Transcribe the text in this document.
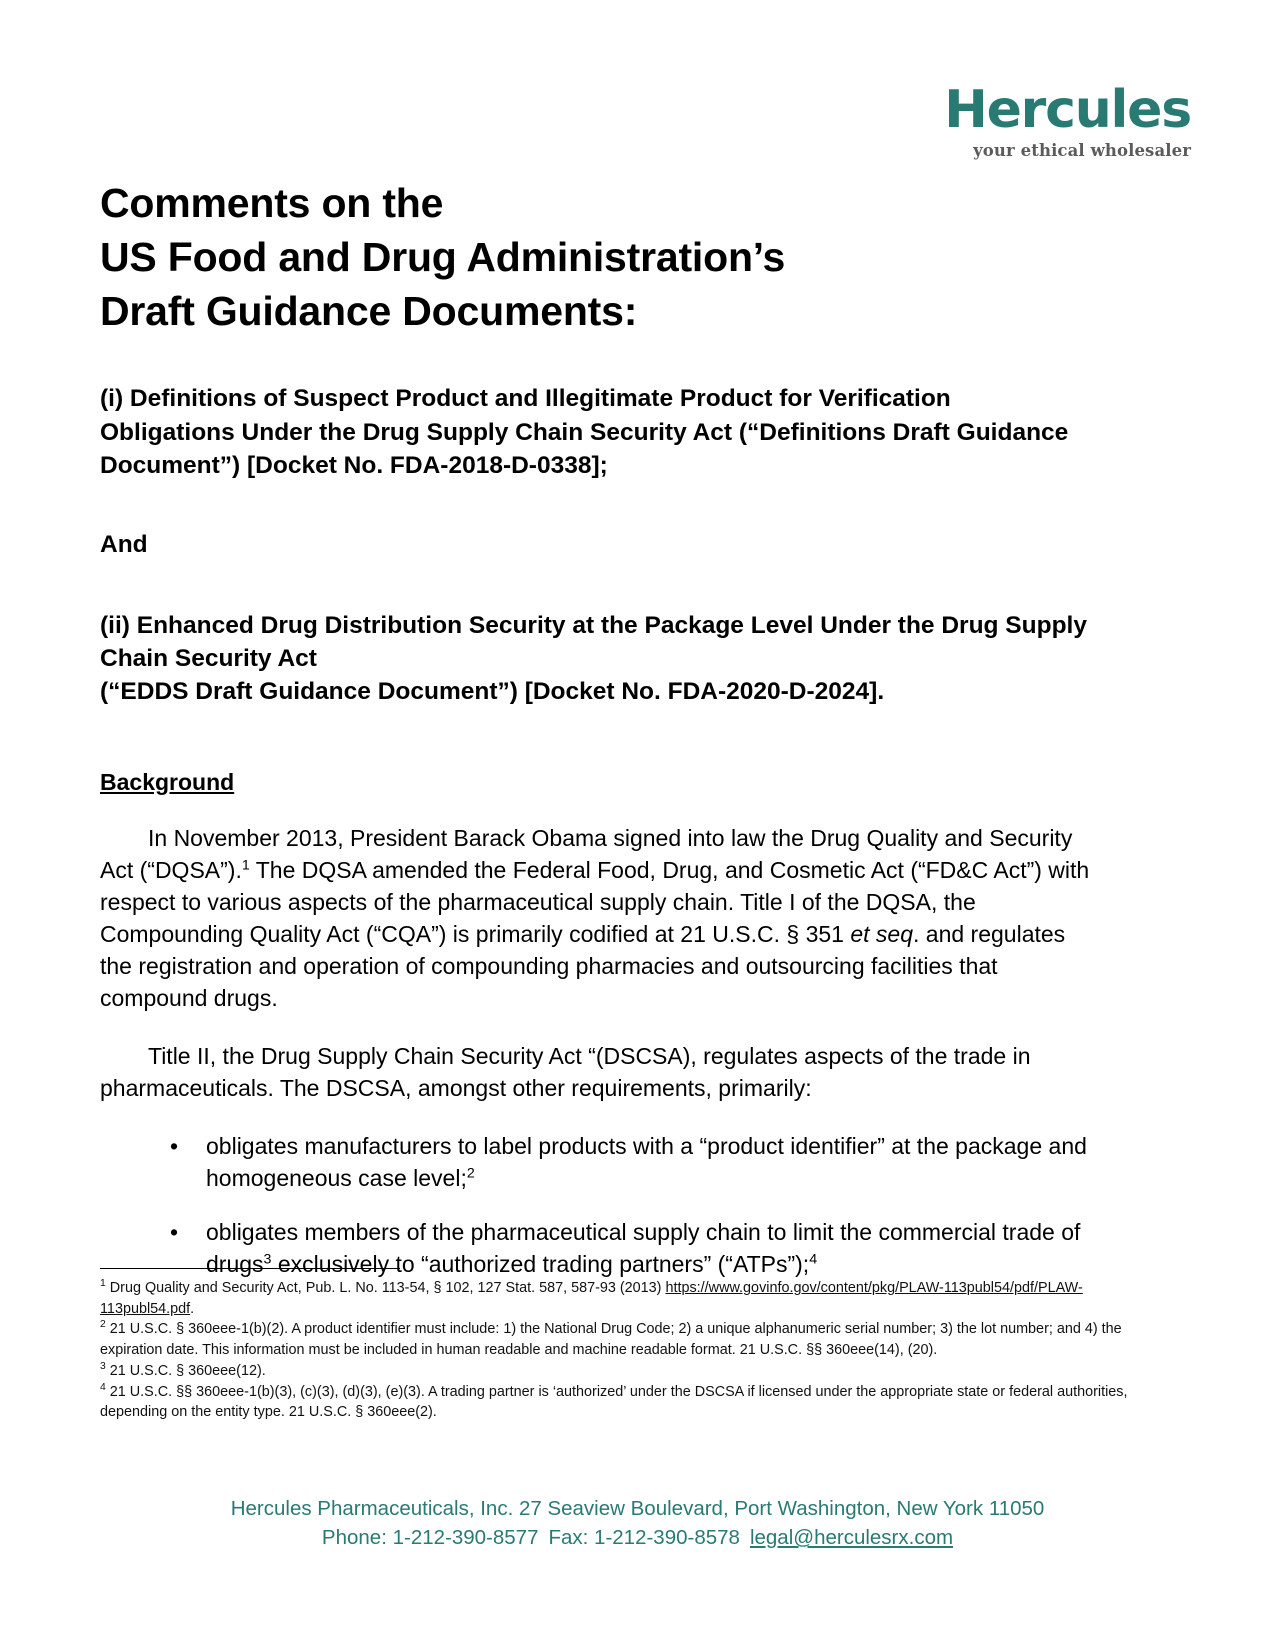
Hercules
your ethical wholesaler
Comments on the
US Food and Drug Administration’s
Draft Guidance Documents:

(i) Definitions of Suspect Product and Illegitimate Product for Verification Obligations Under the Drug Supply Chain Security Act (“Definitions Draft Guidance Document”) [Docket No. FDA-2018-D-0338];

And

(ii) Enhanced Drug Distribution Security at the Package Level Under the Drug Supply Chain Security Act
(“EDDS Draft Guidance Document”) [Docket No. FDA-2020-D-2024].

Background

In November 2013, President Barack Obama signed into law the Drug Quality and Security Act (“DQSA”).$^1$ The DQSA amended the Federal Food, Drug, and Cosmetic Act (“FD&C Act”) with respect to various aspects of the pharmaceutical supply chain. Title I of the DQSA, the Compounding Quality Act (“CQA”) is primarily codified at 21 U.S.C. § 351 et seq. and regulates the registration and operation of compounding pharmacies and outsourcing facilities that compound drugs.

Title II, the Drug Supply Chain Security Act “(DSCSA), regulates aspects of the trade in pharmaceuticals. The DSCSA, amongst other requirements, primarily:

•	obligates manufacturers to label products with a “product identifier” at the package and homogeneous case level;$^2$
•	obligates members of the pharmaceutical supply chain to limit the commercial trade of drugs$^3$ exclusively to “authorized trading partners” (“ATPs”);$^4$

$^1$ Drug Quality and Security Act, Pub. L. No. 113-54, § 102, 127 Stat. 587, 587-93 (2013) https://www.govinfo.gov/content/pkg/PLAW-113publ54/pdf/PLAW-113publ54.pdf.

$^2$ 21 U.S.C. § 360eee-1(b)(2). A product identifier must include: 1) the National Drug Code; 2) a unique alphanumeric serial number; 3) the lot number; and 4) the expiration date. This information must be included in human readable and machine readable format. 21 U.S.C. §§ 360eee(14), (20).

$^3$ 21 U.S.C. § 360eee(12).

$^4$ 21 U.S.C. §§ 360eee-1(b)(3), (c)(3), (d)(3), (e)(3). A trading partner is ‘authorized’ under the DSCSA if licensed under the appropriate state or federal authorities, depending on the entity type. 21 U.S.C. § 360eee(2).

Hercules Pharmaceuticals, Inc. 27 Seaview Boulevard, Port Washington, New York 11050
Phone: 1-212-390-8577 Fax: 1-212-390-8578 legal@herculesrx.com
